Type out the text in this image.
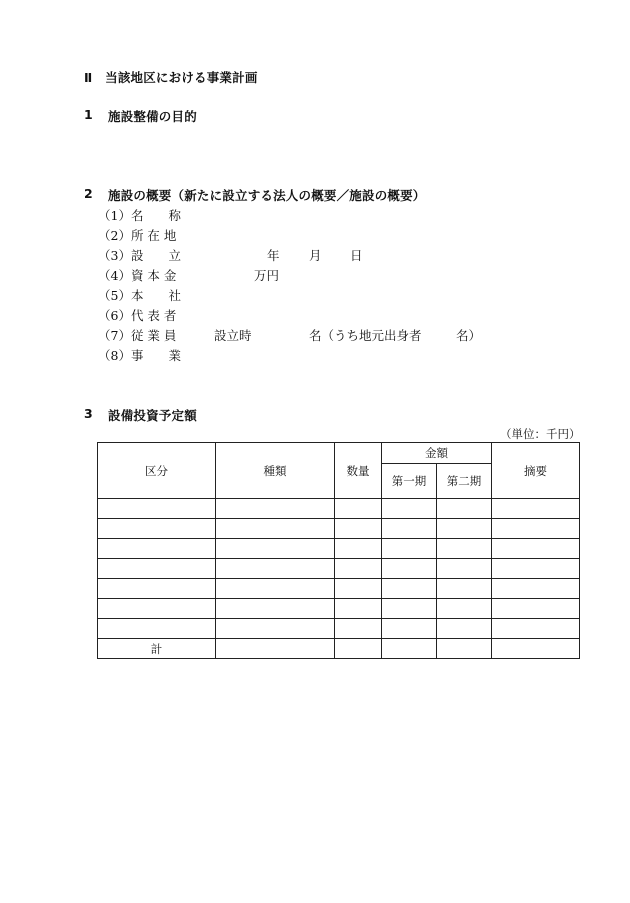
Ⅱ　当該地区における事業計画
1 施設整備の目的
2 施設の概要（新たに設立する法人の概要／施設の概要）
（1）名　　称
（2）所 在 地
（3）設　　立	年 月 日
（4）資 本 金	万円
（5）本　　社
（6）代 表 者
（7）従 業 員	設立時	名（うち地元出身者	名）
（8）事　　業
3 設備投資予定額
（単位：千円）
区分	種類	数量	金額		摘要
			第一期	第二期	

計					
